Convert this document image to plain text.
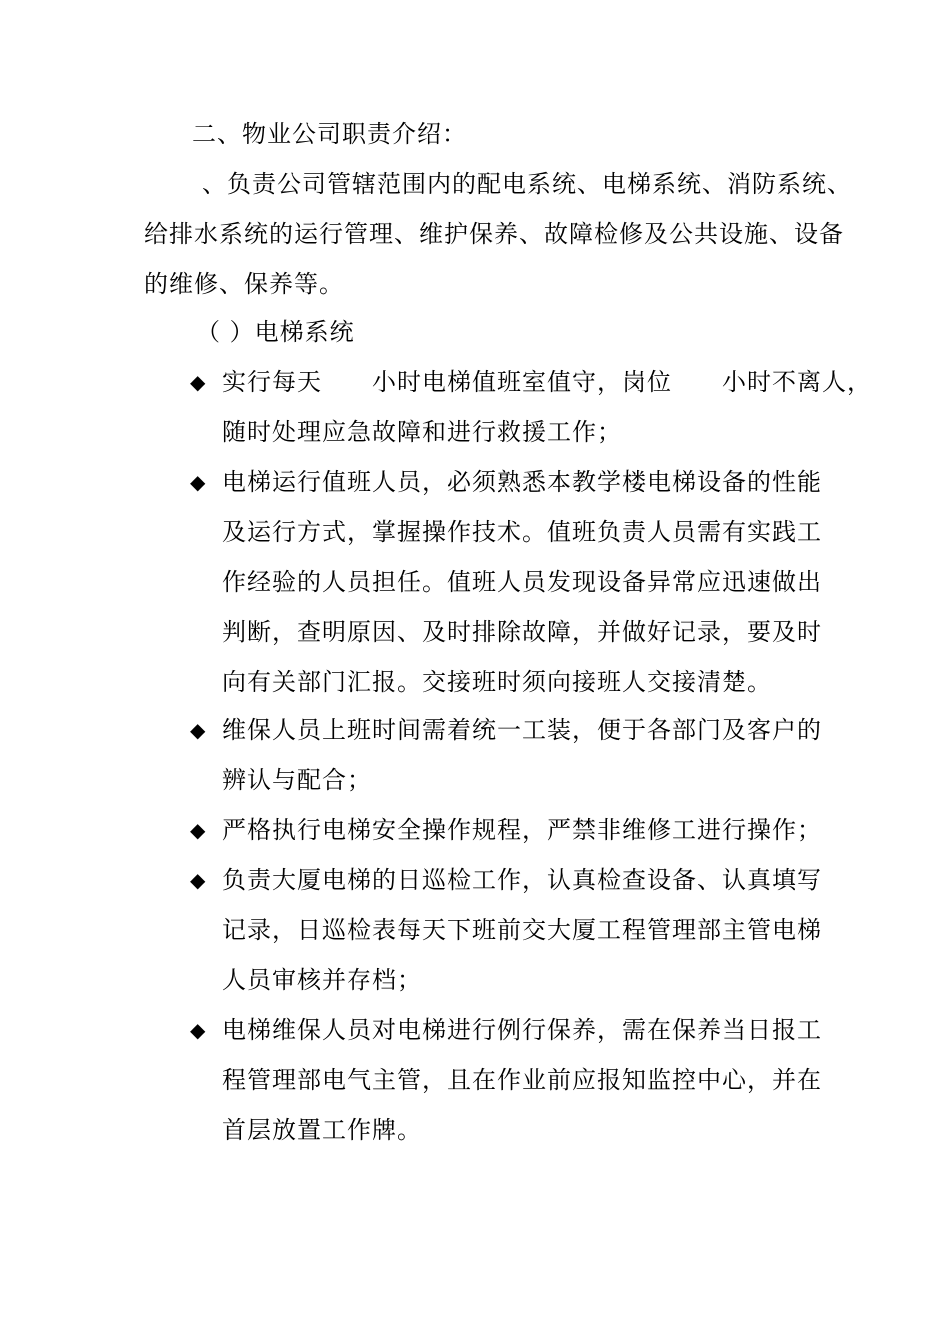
二、物业公司职责介绍：
、负责公司管辖范围内的配电系统、电梯系统、消防系统、
给排水系统的运行管理、维护保养、故障检修及公共设施、设备
的维修、保养等。
（ ）电梯系统
◆ 实行每天　　小时电梯值班室值守，岗位　　小时不离人，
随时处理应急故障和进行救援工作；
◆ 电梯运行值班人员，必须熟悉本教学楼电梯设备的性能
及运行方式，掌握操作技术。值班负责人员需有实践工
作经验的人员担任。值班人员发现设备异常应迅速做出
判断，查明原因、及时排除故障，并做好记录，要及时
向有关部门汇报。交接班时须向接班人交接清楚。
◆ 维保人员上班时间需着统一工装，便于各部门及客户的
辨认与配合；
◆ 严格执行电梯安全操作规程，严禁非维修工进行操作；
◆ 负责大厦电梯的日巡检工作，认真检查设备、认真填写
记录，日巡检表每天下班前交大厦工程管理部主管电梯
人员审核并存档；
◆ 电梯维保人员对电梯进行例行保养，需在保养当日报工
程管理部电气主管，且在作业前应报知监控中心，并在
首层放置工作牌。
